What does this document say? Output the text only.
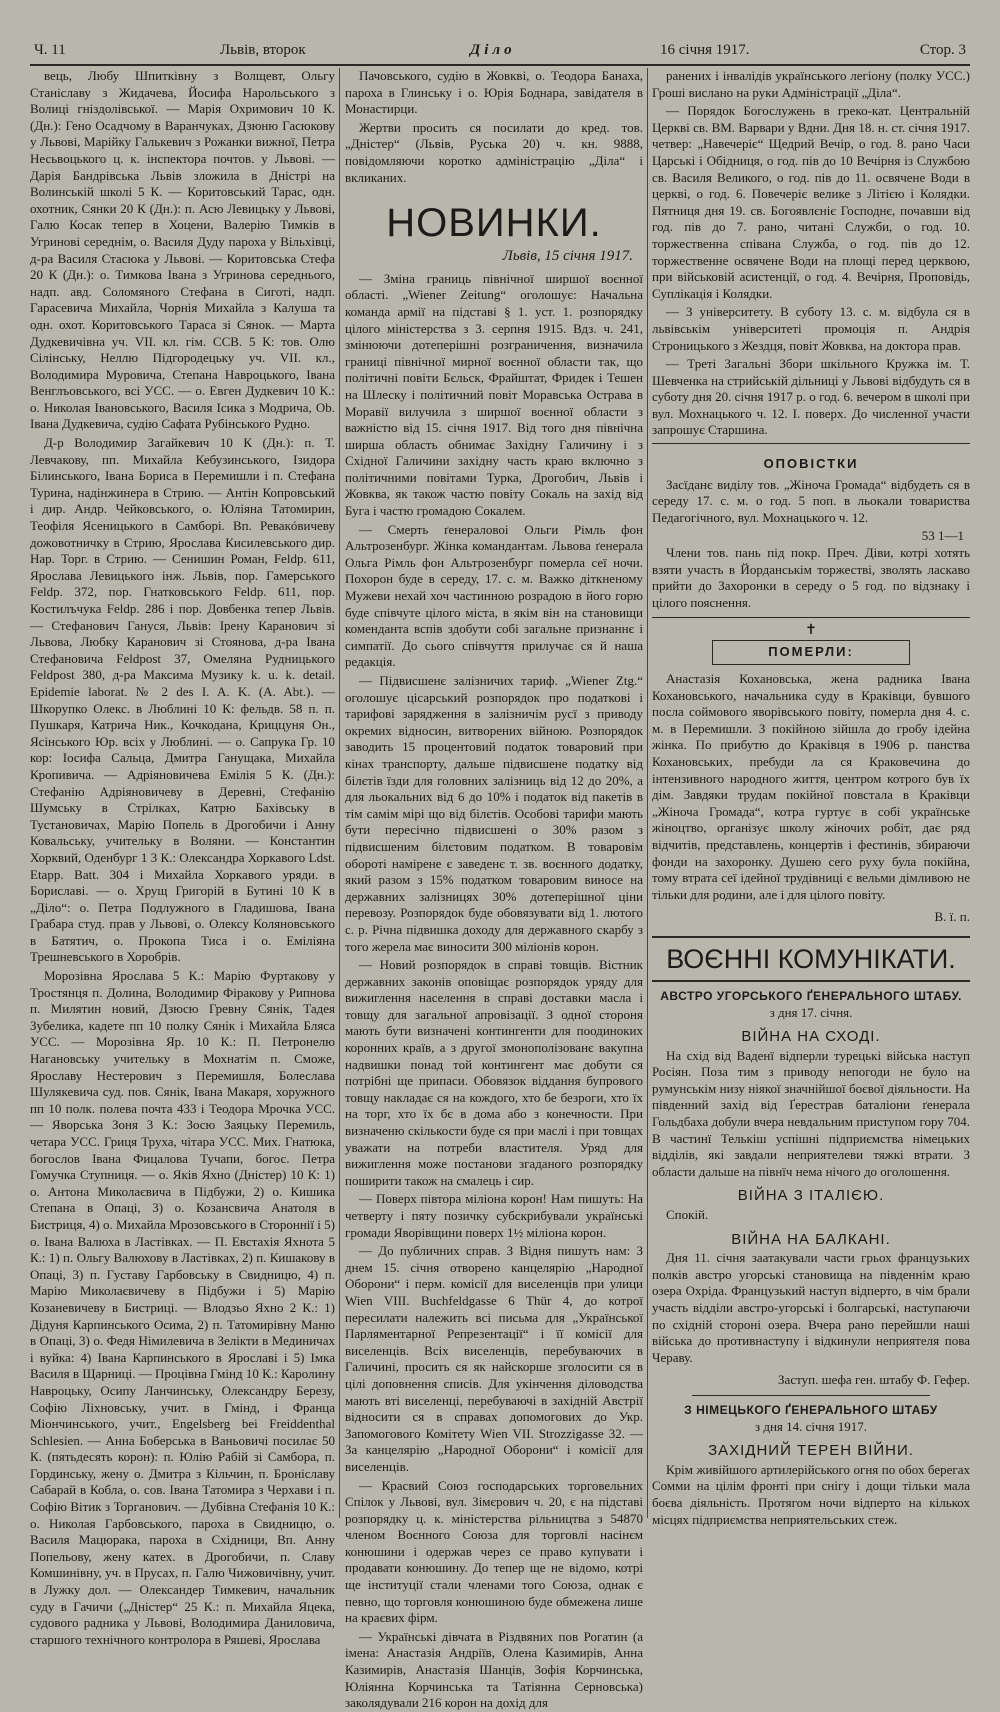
Ч. 11	Львів, второк	Діло	16 січня 1917.	Стор. 3

вець, Любу Шпитківну з Волщевт, Ольгу Станіславу з Жидачева, Йосифа Нарольського з Волиці гніздолівської. — Марія Охримович 10 К. (Дн.): Гено Осадчому в Варанчуках, Дзюню Гасюкову у Львові, Марійку Галькевич з Рожанки вижної, Петра Несьвоцького ц. к. інспектора почтов. у Львові. — Дарія Бандрівська Львів зложила в Дністрі на Волинській школі 5 К. — Коритовський Тарас, одн. охотник, Сянки 20 К (Дн.): п. Асю Левицьку у Львові, Галю Косак тепер в Хоцени, Валерію Тимків в Угринові середнім, о. Василя Дуду пароха у Вільхівці, д-ра Василя Стасюка у Львові. — Коритовська Стефа 20 К (Дн.): о. Тимкова Івана з Угринова середнього, надп. авд. Соломяного Стефана в Сиготі, надп. Гарасевича Михайла, Чорнія Михайла з Калуша та одн. охот. Коритовського Тараса зі Сянок. — Марта Дудкевичівна уч. VII. кл. гім. ССВ. 5 К: тов. Олю Сілінську, Неллю Підгородецьку уч. VII. кл., Володимира Муровича, Степана Навроцького, Івана Венглъовського, всі УСС. — о. Евген Дудкевич 10 К.: о. Николая Івановського, Василя Ісика з Модрича, Ob. Івана Дудкевича, судію Сафата Рубінського Рудно.

Д-р Володимир Загайкевич 10 К (Дн.): п. Т. Левчакову, пп. Михайла Кебузинського, Ізидора Білинського, Івана Бориса в Перемишли і п. Стефана Турина, надінжинера в Стрию. — Антін Копровський і дир. Андр. Чейковського, о. Юліяна Татомирин, Теофіля Ясеницького в Самборі. Вп. Ревакóвичеву дожовотничку в Стрию, Ярослава Кисилевського дир. Нар. Торг. в Стрию. — Сенишин Роман, Feldp. 611, Ярослава Левицького інж. Львів, пор. Гамерського Feldp. 372, пор. Гнатковського Feldp. 611, пор. Костилъчука Feldp. 286 і пор. Довбенка тепер Львів. — Стефанович Гануся, Львів: Ірену Каранович зі Львова, Любку Каранович зі Стоянова, д-ра Івана Стефановича Feldpost 37, Омеляна Рудницького Feldpost 380, д-ра Максима Музику k. u. k. detail. Epidemie laborat. № 2 des I. A. K. (A. Abt.). — Шкорупко Олекс. в Люблині 10 К: фельдв. 58 п. п. Пушкаря, Катрича Ник., Кочкодана, Криццуня Он., Ясінського Юр. всіх у Люблині. — о. Сапрука Гр. 10 кор: Іосифа Сальца, Дмитра Ганущака, Михайла Кропивича. — Адріяновичева Емілія 5 К. (Дн.): Стефанію Адріяновичеву в Деревні, Стефанію Шумську в Стрілках, Катрю Бахівську в Тустановичах, Марію Попель в Дрогобичи і Анну Ковальську, учительку в Воляни. — Константин Хорквий, Оденбург 1 3 К.: Олександра Хоркавого Ldst. Etapp. Batt. 304 і Михайла Хоркавого уряди. в Бориславі. — о. Хрущ Григорій в Бутині 10 К в „Діло“: о. Петра Подлужного в Гладишова, Івана Грабара студ. прав у Львові, о. Олексу Коляновського в Батятич, о. Прокопа Тиса і о. Еміліяна Трешневського в Хоробрів.

Морозівна Ярослава 5 К.: Марію Фуртакову у Тростянця п. Долина, Володимир Фіракову у Рипнова п. Милятин новий, Дзюсю Гревну Сянік, Тадея Зубелика, кадете пп 10 полку Сянік і Михайла Бляса УСС. — Морозівна Яр. 10 К.: П. Петронелю Нагановську учительку в Мохнатім п. Сможе, Ярославу Нестерович з Перемишля, Болеслава Шулякевича суд. пов. Сянік, Івана Макаря, хоружного пп 10 полк. полева почта 433 і Теодора Мрочка УСС. — Яворська Зоня 3 К.: Зосю Заяцьку Перемиль, четара УСС. Гриця Труха, чітара УСС. Мих. Гнатюка, богослов Івана Фицалова Тучапи, богос. Петра Гомучка Ступниця. — о. Яків Яхно (Дністер) 10 К: 1) о. Антона Миколаєвича в Підбужи, 2) о. Кишика Степана в Опаці, 3) о. Козансвича Анатоля в Бистриця, 4) о. Михайла Мрозовського в Стороннії і 5) о. Івана Валюха в Ластівках. — П. Евстахія Яхнота 5 К.: 1) п. Ольгу Валюхову в Ластівках, 2) п. Кишакову в Опаці, 3) п. Густаву Гарбовську в Свидницю, 4) п. Марію Миколаєвичеву в Підбужи і 5) Марію Козаневичеву в Бистриці. — Влодзьо Яхно 2 К.: 1) Дідуня Карпинського Осима, 2) п. Татомирівну Маню в Опаці, 3) о. Федя Німилевича в Зелікти в Мединичах і вуйка: 4) Івана Карпинського в Ярославі і 5) Імка Василя в Щарниці. — Процівна Гмінд 10 К.: Каролину Навроцьку, Осипу Ланчинську, Олександру Березу, Софію Ліхновську, учит. в Гмінд, і Франца Міончинського, учит., Engelsberg bei Freiddenthal Schlesien. — Анна Боберська в Ваньовичі посилає 50 К. (пятьдесять корон): п. Юлію Рабій зі Самбора, п. Гординську, жену о. Дмитра з Кільчин, п. Броніславу Сабарай в Кобла, о. сов. Івана Татомира з Черхави і п. Софію Вітик з Торганович. — Дубівна Стефанія 10 К.: о. Николая Гарбовського, пароха в Свидницю, о. Василя Мацюрака, пароха в Східници, Вп. Анну Попельову, жену катех. в Дрогобичи, п. Славу Комшинівну, уч. в Прусах, п. Галю Чижовичівну, учит. в Лужку дол. — Олександер Тимкевич, начальник суду в Гачичи („Дністер“ 25 К.: п. Михайла Яцека, судового радника у Львові, Володимира Даниловича, старшого технічного контролора в Ряшеві, Ярослава

Пачовського, судію в Жовкві, о. Теодора Банаха, пароха в Глинську і о. Юрія Боднара, завідателя в Монастирци.

Жертви просить ся посилати до кред. тов. „Дністер“ (Львів, Руська 20) ч. кн. 9888, повідомляючи коротко адміністрацію „Діла“ і вкликаних.

НОВИНКИ.
Львів, 15 січня 1917.

— Зміна границь північної ширшої воєнної області. „Wiener Zeitung“ оголошує: Начальна команда армії на підставі § 1. уст. 1. розпорядку цілого міністерства з 3. серпня 1915. Вдз. ч. 241, змінюючи дотеперішні розграничення, визначила границі північної мирної воєнної области так, що політичні повіти Бєльск, Фрайштат, Фридек і Тешен на Шлеску і політичний повіт Моравська Острава в Моравії вилучила з ширшої воєнної области з важністю від 15. січня 1917. Від того дня північна ширша область обнимає Західну Галичину і з Східної Галичини західну часть краю включно з політичними повітами Турка, Дрогобич, Львів і Жовква, як також частю повіту Сокаль на захід від Буга і частю громадою Сокалем.

— Смерть ґенераловоі Ольги Рімль фон Альтрозенбург. Жінка командантам. Львова ґенерала Ольга Рімль фон Альтрозенбург померла сеї ночи. Похорон буде в середу, 17. с. м. Важко діткненому Мужеви нехай хоч частинною розрадою в його горю буде співчуте цілого міста, в якім він на становищи коменданта вспів здобути собі загальне признаннє і симпатії. До сього співчуття прилучає ся й наша редакція.

— Підвисшенє залізничих тариф. „Wiener Ztg.“ оголошує цісарський розпорядок про податкові і тарифові зарядження в залізничім русї з приводу окремих відносин, витворених війною. Розпорядок заводить 15 процентовий податок товаровий при кінах транспорту, дальше підвисшене податку від білєтів їзди для головних залізниць від 12 до 20%, а для льокальних від 6 до 10% і податок від пакетів в тім самім мірі що від білєтів. Особові тарифи мають бути пересічно підвисшені о 30% разом з підвисшеним білєтовим податком. В товаровім обороті намірене є заведенє т. зв. воєнного додатку, який разом з 15% податком товаровим виносе на державних залізницях 30% дотеперішної ціни перевозу. Розпорядок буде обовязувати від 1. лютого с. р. Річна підвишка доходу для державного скарбу з того жерела має виносити 300 міліонів корон.

— Новий розпорядок в справі товщів. Вістник державних законів оповіщає розпорядок уряду для вижиглення населення в справі доставки масла і товщу для загальної апровізації. З одної стороня мають бути визначені контингенти для поодиноких коронних країв, а з другої змонополізованє вакупна надвишки понад той контингент має добути ся потрібні ще припаси. Обовязок віддання бупрового товщу накладає ся на кождого, хто бе безроги, хто їх на торг, хто їх бє в дома або з конечности. При визначеню скількости буде ся при маслі і при товщах уважати на потреби властителя. Уряд для вижиглення може постанови згаданого розпорядку поширити також на смалець і сир.

— Поверх півтора міліона корон! Нам пишуть: На четверту і пяту позичку субскрибували українські громади Яворівщини поверх 1½ міліона корон.

— До публичних справ. З Відня пишуть нам: З днем 15. січня отворено канцелярію „Народної Оборони“ і перм. комісії для виселенців при улици Wien VIII. Buchfeldgasse 6 Thür 4, до котрої пересилати належить всі письма для „Української Парляментарної Репрезентації“ і її комісії для виселенців. Всіх виселенців, перебуваючих в Галичині, просить ся як найскорше зголосити ся в цілі доповнення списів. Для укінчення діловодства мають вті виселенці, перебуваючі в західній Австрії відносити ся в справах допомогових до Укр. Запомогового Комітету Wien VII. Strozzigasse 32. — За канцелярію „Народної Оборони“ і комісії для виселенців.

— Красвий Союз господарських торговельних Спілок у Львові, вул. Зімєрович ч. 20, є на підставі розпорядку ц. к. міністерства рільництва з 54870 членом Воєнного Союза для торговлі насінєм конюшини і одержав через се право купувати і продавати конюшину. До тепер ще не відомо, котрі ще інституції стали членами того Союза, однак є певно, що торговля конюшиною буде обмежена лише на краєвих фірм.

— Українські дівчата в Різдвяних пов Рогатин (а імена: Анастазія Андріїв, Олена Казимирів, Анна Казимирів, Анастазія Шанців, Зофія Корчинська, Юліянна Корчинська та Татіянна Серновська) заколядували 216 корон на дохід для

ранених і інвалідів українського легіону (полку УСС.) Гроші вислано на руки Адміністрації „Діла“.

— Порядок Богослужень в греко-кат. Центральній Церкві св. ВМ. Варвари у Вдни. Дня 18. н. ст. січня 1917. четвер: „Навечеріє“ Щедрий Вечір, о год. 8. рано Часи Царські і Обідниця, о год. пів до 10 Вечірня із Службою св. Василя Великого, о год. пів до 11. освячене Води в церкві, о год. 6. Повечеріє велике з Літією і Колядки. Пятниця дня 19. св. Богоявлєніє Господнє, почавши від год. пів до 7. рано, читані Служби, о год. 10. торжественна співана Служба, о год. пів до 12. торжественне освячене Води на площі перед церквою, при військовій асистенції, о год. 4. Вечірня, Проповідь, Суплікація і Колядки.

— З університету. В суботу 13. с. м. відбула ся в львівськім університеті промоція п. Андрія Строницького з Жездця, повіт Жовква, на доктора прав.

— Треті Загальні Збори шкільного Кружка ім. Т. Шевченка на стрийській дільниці у Львові відбудуть ся в суботу дня 20. січня 1917 р. о год. 6. вечером в школі при вул. Мохнацького ч. 12. I. поверх. До численної участи запрошує Старшина.

ОПОВІСТКИ

Засїданє виділу тов. „Жіноча Громада“ відбудеть ся в середу 17. с. м. о год. 5 поп. в льокали товариства Педагогічного, вул. Мохнацького ч. 12.

53 1—1

Члени тов. пань під покр. Преч. Діви, котрі хотять взяти участь в Йорданськім торжестві, зволять ласкаво прийти до Захоронки в середу о 5 год. по відзнаку і цілого пояснення.

✝
ПОМЕРЛИ:

Анастазія Кохановська, жена радника Івана Кохановського, начальника суду в Краківци, бувшого посла соймового яворівського повіту, померла дня 4. с. м. в Перемишли. З покійною зійшла до гробу ідейна жінка. По прибутю до Краківця в 1906 р. панства Кохановських, пребуди ла ся Краковечина до інтензивного народного життя, центром котрого був їх дім. Завдяки трудам покійної повстала в Краківци „Жіноча Громада“, котра гуртує в собі українське жіноцтво, організує школу жіночих робіт, дає ряд відчитів, представлень, концертів і фестинів, збираючи фонди на захоронку. Душею сего руху була покійна, тому втрата сеї ідейної трудівниці є вельми дімливою не тільки для родини, але і для цілого повіту.

В. ї. п.
ВОЄННІ КОМУНІКАТИ.
АВСТРО УГОРСЬКОГО ҐЕНЕРАЛЬНОГО ШТАБУ.
з дня 17. січня.
ВІЙНА НА СХОДІ.

На схід від Ваденї відперли турецькі війська наступ Росіян. Поза тим з приводу непогоди не було на румунськім низу ніякої значнійшої боєвої діяльности. На південний захід від Ґерестрав баталіони ґенерала Гольдбаха добули вчера невдальним приступом гору 704. В частинї Телькіш успішні підприємства німецьких відділів, які завдали неприятелеви тяжкі втрати. З области дальше на півнїч нема нічого до оголошення.

ВІЙНА З ІТАЛІЄЮ.

Спокій.

ВІЙНА НА БАЛКАНІ.

Дня 11. січня заатакували части грьох французьких полків австро угорські становища на південнім краю озера Охріда. Французький наступ відперто, в чім брали участь відділи австро-угорські і болгарські, наступаючи по східній стороні озера. Вчера рано перейшли наші війська до противнаступу і відкинули неприятеля пова Чераву.

Заступ. шефа ген. штабу Ф. Гефер.
З НІМЕЦЬКОГО ҐЕНЕРАЛЬНОГО ШТАБУ
з дня 14. січня 1917.
ЗАХІДНИЙ ТЕРЕН ВІЙНИ.

Крім живійшого артилерійського огня по обох берегах Сомми на цілім фронті при снігу і дощи тільки мала боєва діяльність. Протягом ночи відперто на кількох місцях підприємства неприятельських стеж.
